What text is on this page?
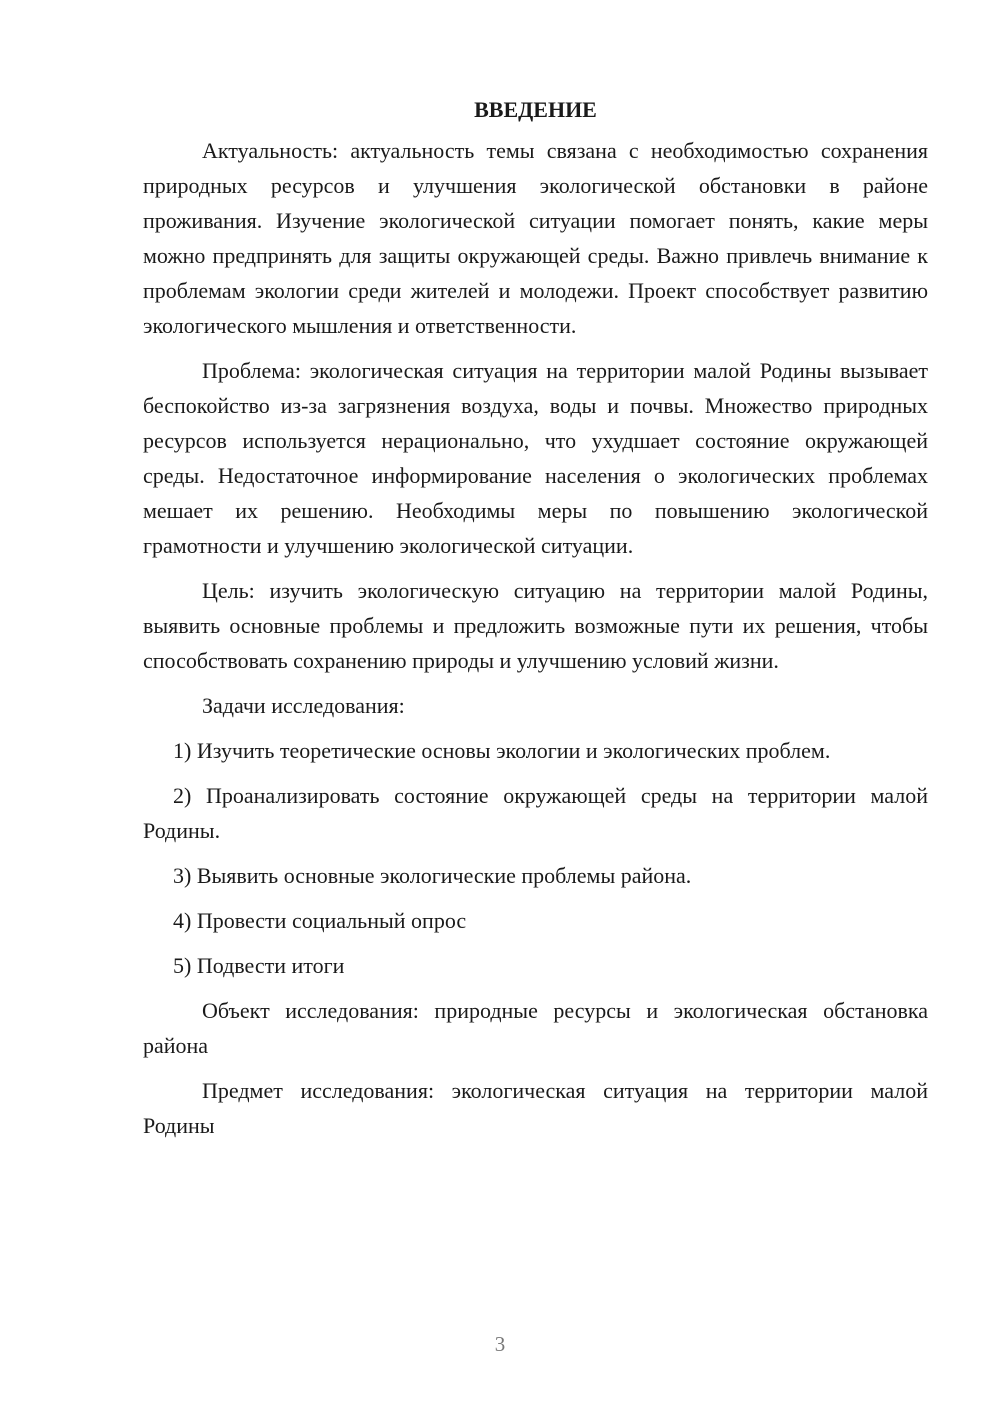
ВВЕДЕНИЕ

Актуальность: актуальность темы связана с необходимостью сохранения природных ресурсов и улучшения экологической обстановки в районе проживания. Изучение экологической ситуации помогает понять, какие меры можно предпринять для защиты окружающей среды. Важно привлечь внимание к проблемам экологии среди жителей и молодежи. Проект способствует развитию экологического мышления и ответственности.

Проблема: экологическая ситуация на территории малой Родины вызывает беспокойство из-за загрязнения воздуха, воды и почвы. Множество природных ресурсов используется нерационально, что ухудшает состояние окружающей среды. Недостаточное информирование населения о экологических проблемах мешает их решению. Необходимы меры по повышению экологической грамотности и улучшению экологической ситуации.

Цель: изучить экологическую ситуацию на территории малой Родины, выявить основные проблемы и предложить возможные пути их решения, чтобы способствовать сохранению природы и улучшению условий жизни.

Задачи исследования:

1) Изучить теоретические основы экологии и экологических проблем.

2) Проанализировать состояние окружающей среды на территории малой Родины.

3) Выявить основные экологические проблемы района.

4) Провести социальный опрос

5) Подвести итоги

Объект исследования: природные ресурсы и экологическая обстановка района

Предмет исследования: экологическая ситуация на территории малой Родины

3
